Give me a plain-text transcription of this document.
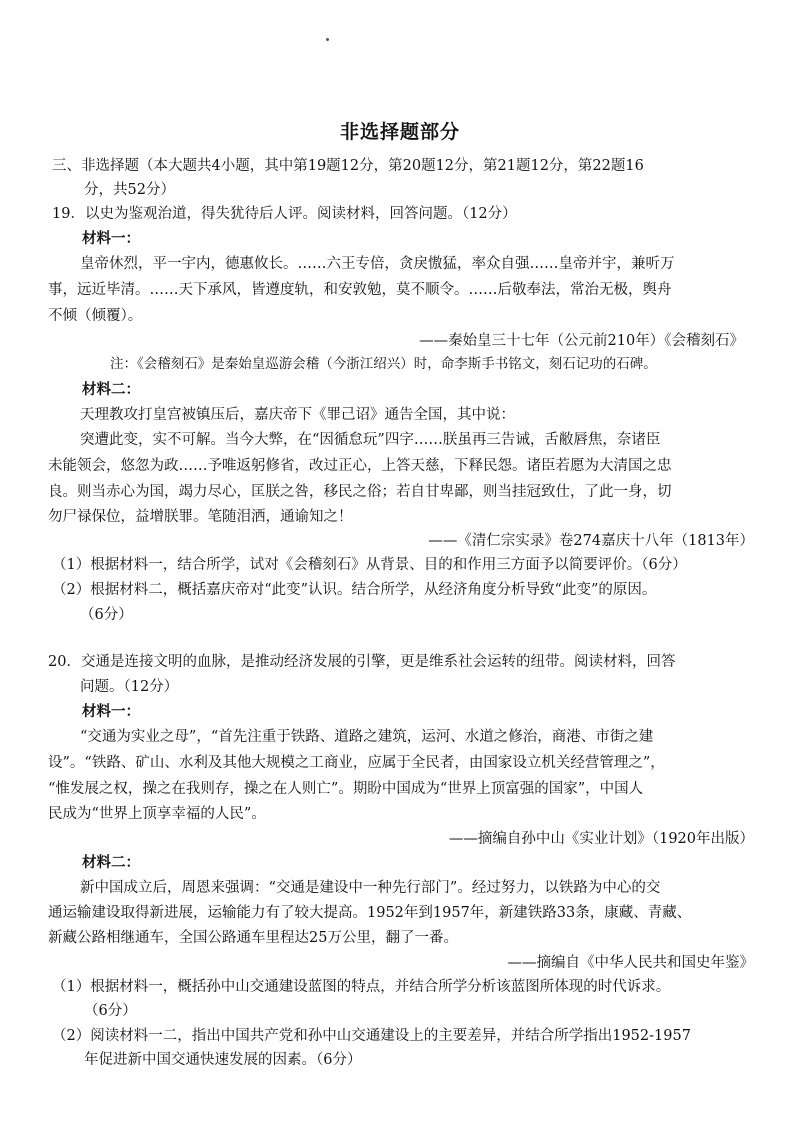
非选择题部分
三、非选择题（本大题共4小题，其中第19题12分，第20题12分，第21题12分，第22题16
分，共52分）
19．以史为鉴观治道，得失犹待后人评。阅读材料，回答问题。（12分）
材料一：
皇帝休烈，平一宇内，德惠攸长。……六王专倍，贪戾慠猛，率众自强……皇帝并宇，兼听万
事，远近毕清。……天下承风，皆遵度轨，和安敦勉，莫不顺令。……后敬奉法，常治无极，舆舟
不倾（倾覆）。
——秦始皇三十七年（公元前210年）《会稽刻石》
注：《会稽刻石》是秦始皇巡游会稽（今浙江绍兴）时，命李斯手书铭文，刻石记功的石碑。
材料二：
天理教攻打皇宫被镇压后，嘉庆帝下《罪己诏》通告全国，其中说：
突遭此变，实不可解。当今大弊，在“因循怠玩”四字……朕虽再三告诫，舌敝唇焦，奈诸臣
未能领会，悠忽为政……予唯返躬修省，改过正心，上答天慈，下释民怨。诸臣若愿为大清国之忠
良。则当赤心为国，竭力尽心，匡朕之咎，移民之俗；若自甘卑鄙，则当挂冠致仕，了此一身，切
勿尸禄保位，益增朕罪。笔随泪洒，通谕知之！
——《清仁宗实录》卷274嘉庆十八年（1813年）
（1）根据材料一，结合所学，试对《会稽刻石》从背景、目的和作用三方面予以简要评价。（6分）
（2）根据材料二，概括嘉庆帝对“此变”认识。结合所学，从经济角度分析导致“此变”的原因。
（6分）
20．交通是连接文明的血脉，是推动经济发展的引擎，更是维系社会运转的纽带。阅读材料，回答
问题。（12分）
材料一：
“交通为实业之母”，“首先注重于铁路、道路之建筑，运河、水道之修治，商港、市街之建
设”。“铁路、矿山、水利及其他大规模之工商业，应属于全民者，由国家设立机关经营管理之”，
“惟发展之权，操之在我则存，操之在人则亡”。期盼中国成为“世界上顶富强的国家”，中国人
民成为“世界上顶享幸福的人民”。
——摘编自孙中山《实业计划》（1920年出版）
材料二：
新中国成立后，周恩来强调：“交通是建设中一种先行部门”。经过努力，以铁路为中心的交
通运输建设取得新进展，运输能力有了较大提高。1952年到1957年，新建铁路33条，康藏、青藏、
新藏公路相继通车，全国公路通车里程达25万公里，翻了一番。
——摘编自《中华人民共和国史年鉴》
（1）根据材料一，概括孙中山交通建设蓝图的特点，并结合所学分析该蓝图所体现的时代诉求。
（6分）
（2）阅读材料一二，指出中国共产党和孙中山交通建设上的主要差异，并结合所学指出1952-1957
年促进新中国交通快速发展的因素。（6分）
